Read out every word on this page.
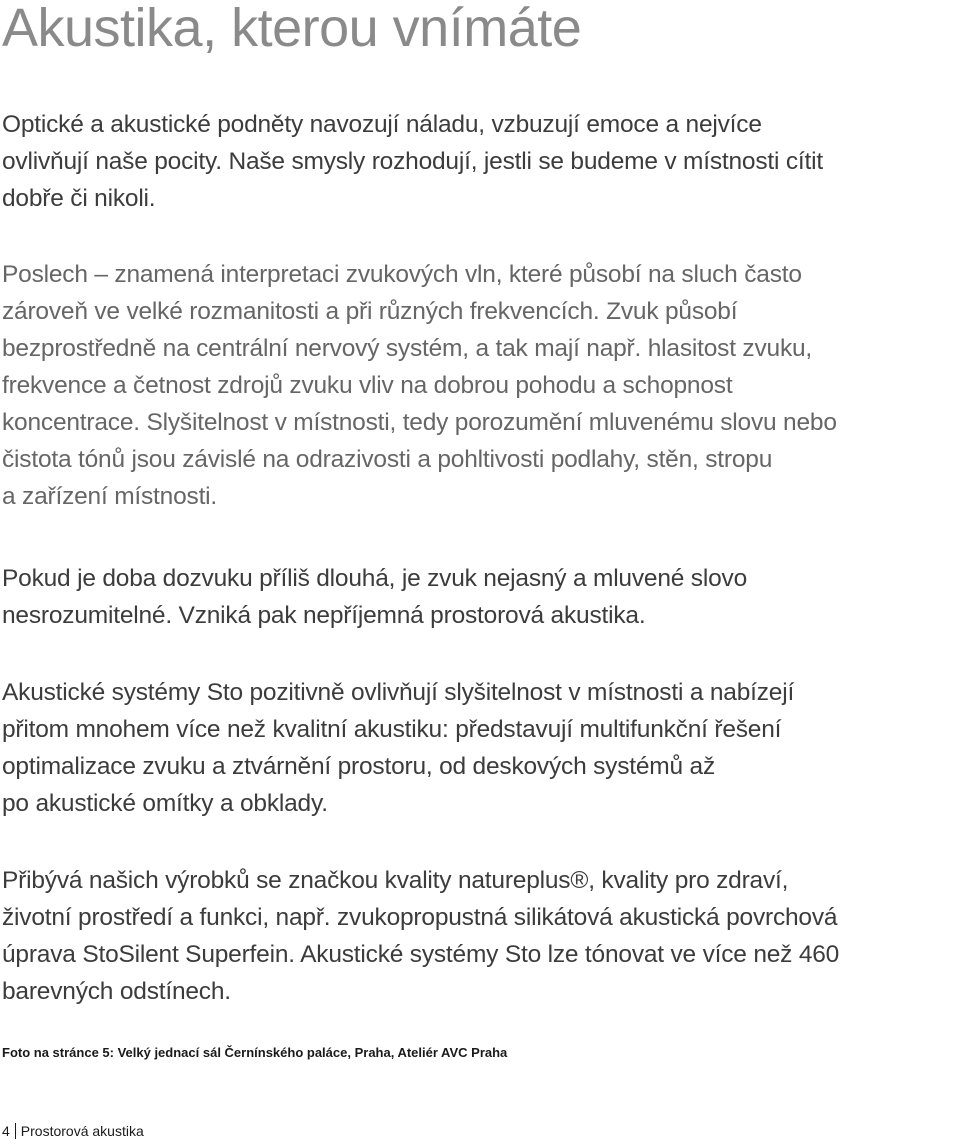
Akustika, kterou vnímáte

Optické a akustické podněty navozují náladu, vzbuzují emoce a nejvíce
ovlivňují naše pocity. Naše smysly rozhodují, jestli se budeme v místnosti cítit
dobře či nikoli.

Poslech – znamená interpretaci zvukových vln, které působí na sluch často
zároveň ve velké rozmanitosti a při různých frekvencích. Zvuk působí
bezprostředně na centrální nervový systém, a tak mají např. hlasitost zvuku,
frekvence a četnost zdrojů zvuku vliv na dobrou pohodu a schopnost
koncentrace. Slyšitelnost v místnosti, tedy porozumění mluvenému slovu nebo
čistota tónů jsou závislé na odrazivosti a pohltivosti podlahy, stěn, stropu
a zařízení místnosti.

Pokud je doba dozvuku příliš dlouhá, je zvuk nejasný a mluvené slovo
nesrozumitelné. Vzniká pak nepříjemná prostorová akustika.

Akustické systémy Sto pozitivně ovlivňují slyšitelnost v místnosti a nabízejí
přitom mnohem více než kvalitní akustiku: představují multifunkční řešení
optimalizace zvuku a ztvárnění prostoru, od deskových systémů až
po akustické omítky a obklady.

Přibývá našich výrobků se značkou kvality natureplus®, kvality pro zdraví,
životní prostředí a funkci, např. zvukopropustná silikátová akustická povrchová
úprava StoSilent Superfein. Akustické systémy Sto lze tónovat ve více než 460
barevných odstínech.

Foto na stránce 5: Velký jednací sál Černínského paláce, Praha, Ateliér AVC Praha

4 Prostorová akustika
